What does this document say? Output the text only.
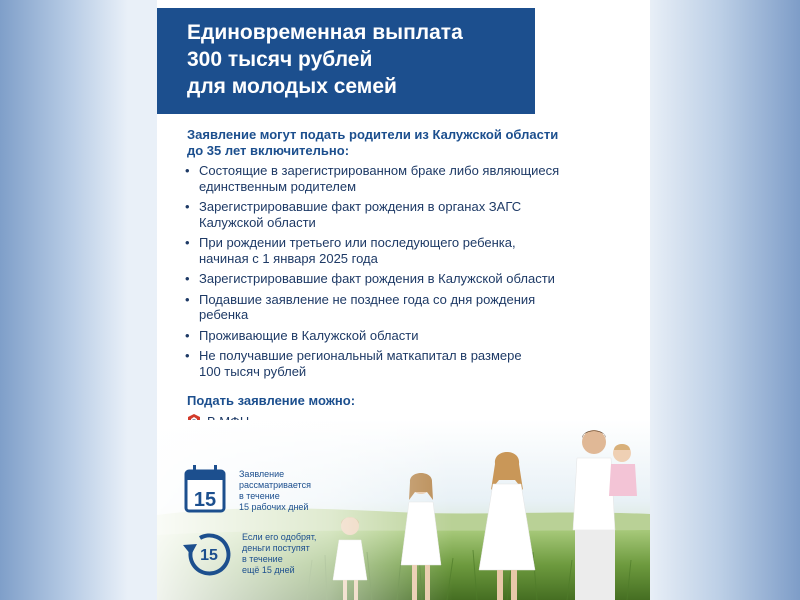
Единовременная выплата
300 тысяч рублей
для молодых семей
Заявление могут подать родители из Калужской области
до 35 лет включительно:
• Состоящие в зарегистрированном браке либо являющиеся
единственным родителем
• Зарегистрировавшие факт рождения в органах ЗАГС
Калужской области
• При рождении третьего или последующего ребенка,
начиная с 1 января 2025 года
• Зарегистрировавшие факт рождения в Калужской области
• Подавшие заявление не позднее года со дня рождения
ребенка
• Проживающие в Калужской области
• Не получавшие региональный маткапитал в размере
100 тысяч рублей
Подать заявление можно:
15
15
Заявление
рассматривается
в течение
15 рабочих дней
Если его одобрят,
деньги поступят
в течение
ещё 15 дней
